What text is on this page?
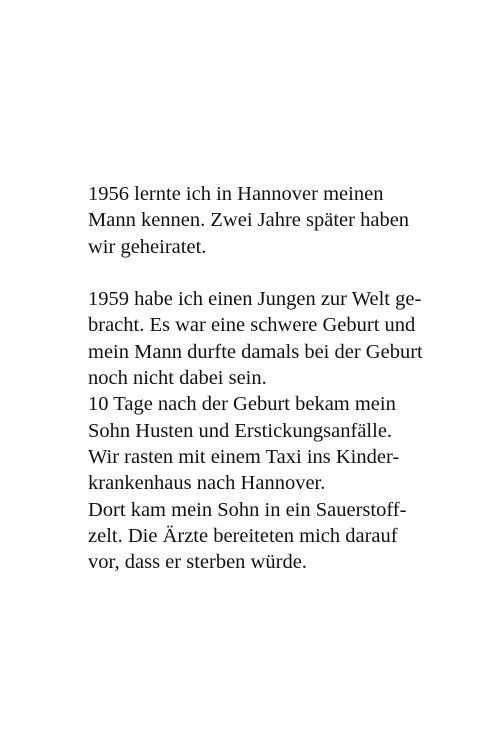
1956 lernte ich in Hannover meinen
Mann kennen. Zwei Jahre später haben
wir geheiratet.
1959 habe ich einen Jungen zur Welt ge-
bracht. Es war eine schwere Geburt und
mein Mann durfte damals bei der Geburt
noch nicht dabei sein.
10 Tage nach der Geburt bekam mein
Sohn Husten und Erstickungsanfälle.
Wir rasten mit einem Taxi ins Kinder-
krankenhaus nach Hannover.
Dort kam mein Sohn in ein Sauerstoff-
zelt. Die Ärzte bereiteten mich darauf
vor, dass er sterben würde.
